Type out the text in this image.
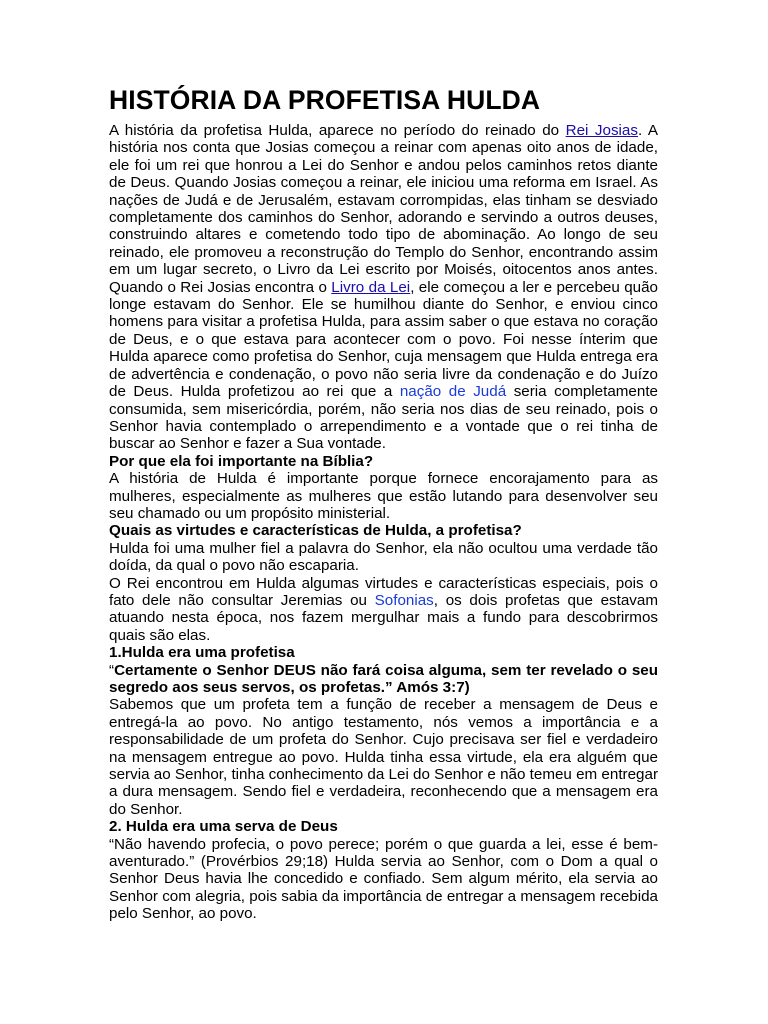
HISTÓRIA DA PROFETISA HULDA

A história da profetisa Hulda, aparece no período do reinado do Rei Josias. A história nos conta que Josias começou a reinar com apenas oito anos de idade, ele foi um rei que honrou a Lei do Senhor e andou pelos caminhos retos diante de Deus. Quando Josias começou a reinar, ele iniciou uma reforma em Israel. As nações de Judá e de Jerusalém, estavam corrompidas, elas tinham se desviado completamente dos caminhos do Senhor, adorando e servindo a outros deuses, construindo altares e cometendo todo tipo de abominação. Ao longo de seu reinado, ele promoveu a reconstrução do Templo do Senhor, encontrando assim em um lugar secreto, o Livro da Lei escrito por Moisés, oitocentos anos antes. Quando o Rei Josias encontra o Livro da Lei, ele começou a ler e percebeu quão longe estavam do Senhor. Ele se humilhou diante do Senhor, e enviou cinco homens para visitar a profetisa Hulda, para assim saber o que estava no coração de Deus, e o que estava para acontecer com o povo. Foi nesse ínterim que Hulda aparece como profetisa do Senhor, cuja mensagem que Hulda entrega era de advertência e condenação, o povo não seria livre da condenação e do Juízo de Deus. Hulda profetizou ao rei que a nação de Judá seria completamente consumida, sem misericórdia, porém, não seria nos dias de seu reinado, pois o Senhor havia contemplado o arrependimento e a vontade que o rei tinha de buscar ao Senhor e fazer a Sua vontade.

Por que ela foi importante na Bíblia?

A história de Hulda é importante porque fornece encorajamento para as mulheres, especialmente as mulheres que estão lutando para desenvolver seu seu chamado ou um propósito ministerial.

Quais as virtudes e características de Hulda, a profetisa?

Hulda foi uma mulher fiel a palavra do Senhor, ela não ocultou uma verdade tão doída, da qual o povo não escaparia.

O Rei encontrou em Hulda algumas virtudes e características especiais, pois o fato dele não consultar Jeremias ou Sofonias, os dois profetas que estavam atuando nesta época, nos fazem mergulhar mais a fundo para descobrirmos quais são elas.

1.Hulda era uma profetisa

“Certamente o Senhor DEUS não fará coisa alguma, sem ter revelado o seu segredo aos seus servos, os profetas.” Amós 3:7)

Sabemos que um profeta tem a função de receber a mensagem de Deus e entregá-la ao povo. No antigo testamento, nós vemos a importância e a responsabilidade de um profeta do Senhor. Cujo precisava ser fiel e verdadeiro na mensagem entregue ao povo. Hulda tinha essa virtude, ela era alguém que servia ao Senhor, tinha conhecimento da Lei do Senhor e não temeu em entregar a dura mensagem. Sendo fiel e verdadeira, reconhecendo que a mensagem era do Senhor.

2. Hulda era uma serva de Deus

“Não havendo profecia, o povo perece; porém o que guarda a lei, esse é bem-aventurado.” (Provérbios 29;18) Hulda servia ao Senhor, com o Dom a qual o Senhor Deus havia lhe concedido e confiado. Sem algum mérito, ela servia ao Senhor com alegria, pois sabia da importância de entregar a mensagem recebida pelo Senhor, ao povo.
